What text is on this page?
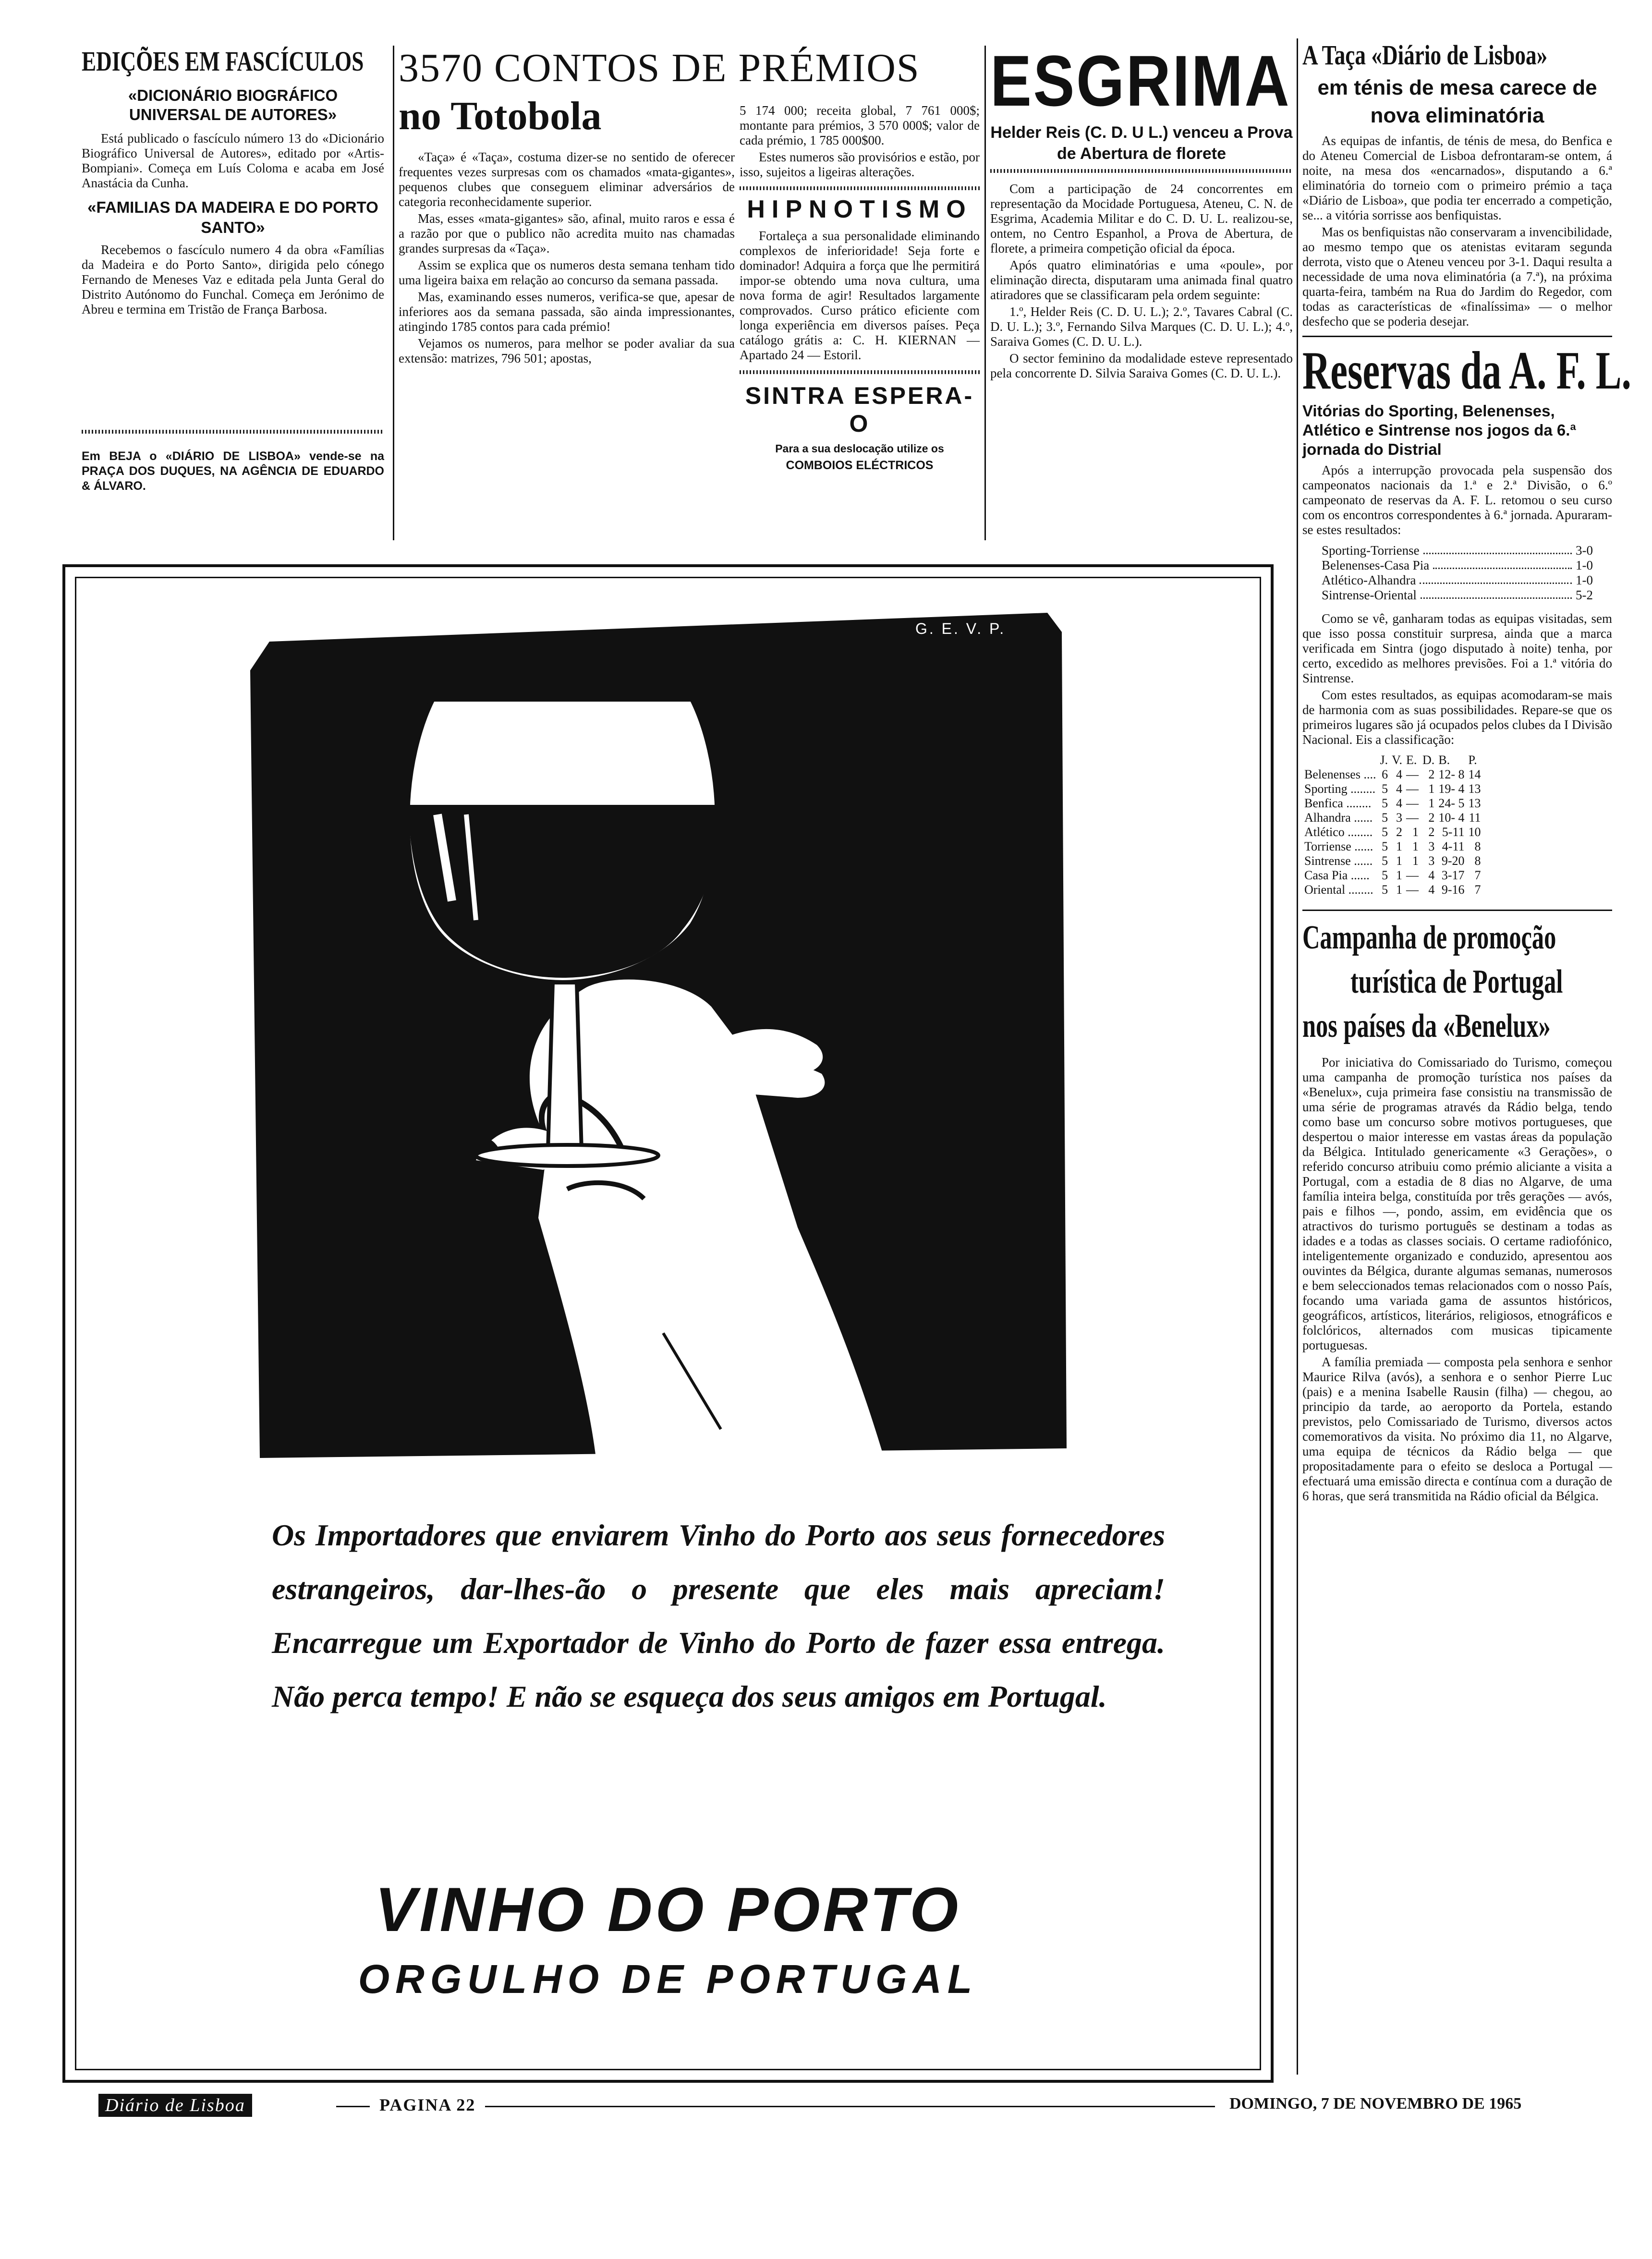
EDIÇÕES EM FASCÍCULOS
«DICIONÁRIO BIOGRÁFICO UNIVERSAL DE AUTORES»

Está publicado o fascículo número 13 do «Dicionário Biográfico Universal de Autores», editado por «Artis-Bompiani». Começa em Luís Coloma e acaba em José Anastácia da Cunha.

«FAMILIAS DA MADEIRA E DO PORTO SANTO»

Recebemos o fascículo numero 4 da obra «Famílias da Madeira e do Porto Santo», dirigida pelo cónego Fernando de Meneses Vaz e editada pela Junta Geral do Distrito Autónomo do Funchal. Começa em Jerónimo de Abreu e termina em Tristão de França Barbosa.

Em BEJA o «DIÁRIO DE LISBOA» vende-se na PRAÇA DOS DUQUES, NA AGÊNCIA DE EDUARDO & ÁLVARO.
3570 CONTOS DE PRÉMIOS
no Totobola

«Taça» é «Taça», costuma dizer-se no sentido de oferecer frequentes vezes surpresas com os chamados «mata-gigantes», pequenos clubes que conseguem eliminar adversários de categoria reconhecidamente superior.

Mas, esses «mata-gigantes» são, afinal, muito raros e essa é a razão por que o publico não acredita muito nas chamadas grandes surpresas da «Taça».

Assim se explica que os numeros desta semana tenham tido uma ligeira baixa em relação ao concurso da semana passada.

Mas, examinando esses numeros, verifica-se que, apesar de inferiores aos da semana passada, são ainda impressionantes, atingindo 1785 contos para cada prémio!

Vejamos os numeros, para melhor se poder avaliar da sua extensão: matrizes, 796 501; apostas,

5 174 000; receita global, 7 761 000$; montante para prémios, 3 570 000$; valor de cada prémio, 1 785 000$00.

Estes numeros são provisórios e estão, por isso, sujeitos a ligeiras alterações.

HIPNOTISMO

Fortaleça a sua personalidade eliminando complexos de inferioridade! Seja forte e dominador! Adquira a força que lhe permitirá impor-se obtendo uma nova cultura, uma nova forma de agir! Resultados largamente comprovados. Curso prático eficiente com longa experiência em diversos países. Peça catálogo grátis a: C. H. KIERNAN — Apartado 24 — Estoril.

SINTRA ESPERA-O
Para a sua deslocação utilize os
COMBOIOS ELÉCTRICOS
ESGRIMA
Helder Reis (C. D. U L.) venceu a Prova de Abertura de florete

Com a participação de 24 concorrentes em representação da Mocidade Portuguesa, Ateneu, C. N. de Esgrima, Academia Militar e do C. D. U. L. realizou-se, ontem, no Centro Espanhol, a Prova de Abertura, de florete, a primeira competição oficial da época.

Após quatro eliminatórias e uma «poule», por eliminação directa, disputaram uma animada final quatro atiradores que se classificaram pela ordem seguinte:

1.º, Helder Reis (C. D. U. L.); 2.º, Tavares Cabral (C. D. U. L.); 3.º, Fernando Silva Marques (C. D. U. L.); 4.º, Saraiva Gomes (C. D. U. L.).

O sector feminino da modalidade esteve representado pela concorrente D. Silvia Saraiva Gomes (C. D. U. L.).

A Taça «Diário de Lisboa»
em ténis de mesa carece de nova eliminatória

As equipas de infantis, de ténis de mesa, do Benfica e do Ateneu Comercial de Lisboa defrontaram-se ontem, á noite, na mesa dos «encarnados», disputando a 6.ª eliminatória do torneio com o primeiro prémio a taça «Diário de Lisboa», que podia ter encerrado a competição, se... a vitória sorrisse aos benfiquistas.

Mas os benfiquistas não conservaram a invencibilidade, ao mesmo tempo que os atenistas evitaram segunda derrota, visto que o Ateneu venceu por 3-1. Daqui resulta a necessidade de uma nova eliminatória (a 7.ª), na próxima quarta-feira, também na Rua do Jardim do Regedor, com todas as características de «finalíssima» — o melhor desfecho que se poderia desejar.

Reservas da A. F. L.
Vitórias do Sporting, Belenenses, Atlético e Sintrense nos jogos da 6.ª jornada do Distrial

Após a interrupção provocada pela suspensão dos campeonatos nacionais da 1.ª e 2.ª Divisão, o 6.º campeonato de reservas da A. F. L. retomou o seu curso com os encontros correspondentes à 6.ª jornada. Apuraram-se estes resultados:

Sporting-Torriense	3-0
Belenenses-Casa Pia	1-0
Atlético-Alhandra	1-0
Sintrense-Oriental	5-2

Como se vê, ganharam todas as equipas visitadas, sem que isso possa constituir surpresa, ainda que a marca verificada em Sintra (jogo disputado à noite) tenha, por certo, excedido as melhores previsões. Foi a 1.ª vitória do Sintrense.

Com estes resultados, as equipas acomodaram-se mais de harmonia com as suas possibilidades. Repare-se que os primeiros lugares são já ocupados pelos clubes da I Divisão Nacional. Eis a classificação:

	J.	V.	E.	D.	B.	P.
Belenenses ....	6	4	—	2	12- 8	14
Sporting ........	5	4	—	1	19- 4	13
Benfica ........	5	4	—	1	24- 5	13
Alhandra ......	5	3	—	2	10- 4	11
Atlético ........	5	2	1	2	5-11	10
Torriense ......	5	1	1	3	4-11	8
Sintrense ......	5	1	1	3	9-20	8
Casa Pia ......	5	1	—	4	3-17	7
Oriental ........	5	1	—	4	9-16	7
Campanha de promoção
turística de Portugal
nos países da «Benelux»

Por iniciativa do Comissariado do Turismo, começou uma campanha de promoção turística nos países da «Benelux», cuja primeira fase consistiu na transmissão de uma série de programas através da Rádio belga, tendo como base um concurso sobre motivos portugueses, que despertou o maior interesse em vastas áreas da população da Bélgica. Intitulado genericamente «3 Gerações», o referido concurso atribuiu como prémio aliciante a visita a Portugal, com a estadia de 8 dias no Algarve, de uma família inteira belga, constituída por três gerações — avós, pais e filhos —, pondo, assim, em evidência que os atractivos do turismo português se destinam a todas as idades e a todas as classes sociais. O certame radiofónico, inteligentemente organizado e conduzido, apresentou aos ouvintes da Bélgica, durante algumas semanas, numerosos e bem seleccionados temas relacionados com o nosso País, focando uma variada gama de assuntos históricos, geográficos, artísticos, literários, religiosos, etnográficos e folclóricos, alternados com musicas tipicamente portuguesas.

A família premiada — composta pela senhora e senhor Maurice Rilva (avós), a senhora e o senhor Pierre Luc (pais) e a menina Isabelle Rausin (filha) — chegou, ao principio da tarde, ao aeroporto da Portela, estando previstos, pelo Comissariado de Turismo, diversos actos comemorativos da visita. No próximo dia 11, no Algarve, uma equipa de técnicos da Rádio belga — que propositadamente para o efeito se desloca a Portugal — efectuará uma emissão directa e contínua com a duração de 6 horas, que será transmitida na Rádio oficial da Bélgica.

G. E. V. P.
Os Importadores que enviarem Vinho do Porto aos seus fornecedores estrangeiros, dar-lhes-ão o presente que eles mais apreciam! Encarregue um Exportador de Vinho do Porto de fazer essa entrega. Não perca tempo! E não se esqueça dos seus amigos em Portugal.
VINHO DO PORTO
ORGULHO DE PORTUGAL
Diário de Lisboa	PAGINA 22	DOMINGO, 7 DE NOVEMBRO DE 1965
